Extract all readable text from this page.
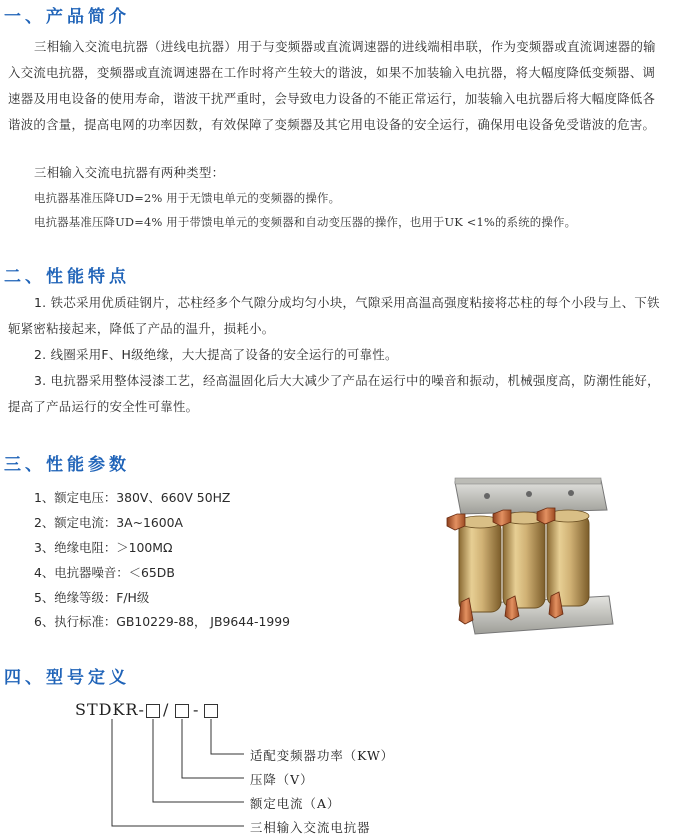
一、产品简介

三相输入交流电抗器（进线电抗器）用于与变频器或直流调速器的进线端相串联，作为变频器或直流调速器的输入交流电抗器，变频器或直流调速器在工作时将产生较大的谐波，如果不加装输入电抗器，将大幅度降低变频器、调速器及用电设备的使用寿命，谐波干扰严重时，会导致电力设备的不能正常运行，加装输入电抗器后将大幅度降低各谐波的含量，提高电网的功率因数，有效保障了变频器及其它用电设备的安全运行，确保用电设备免受谐波的危害。

三相输入交流电抗器有两种类型：
电抗器基准压降UD=2% 用于无馈电单元的变频器的操作。
电抗器基准压降UD=4% 用于带馈电单元的变频器和自动变压器的操作，也用于UK <1%的系统的操作。
二、性能特点

1. 铁芯采用优质硅钢片，芯柱经多个气隙分成均匀小块，气隙采用高温高强度粘接将芯柱的每个小段与上、下铁轭紧密粘接起来，降低了产品的温升，损耗小。

2. 线圈采用F、H级绝缘，大大提高了设备的安全运行的可靠性。

3. 电抗器采用整体浸漆工艺，经高温固化后大大减少了产品在运行中的噪音和振动，机械强度高，防潮性能好，提高了产品运行的安全性可靠性。

三、性能参数
1、额定电压：380V、660V 50HZ
2、额定电流：3A~1600A
3、绝缘电阻：＞100MΩ
4、电抗器噪音：＜65DB
5、绝缘等级：F/H级
6、执行标准：GB10229-88， JB9644-1999
四、型号定义
STDKR- / -
适配变频器功率（KW）
压降（V）
额定电流（A）
三相输入交流电抗器
